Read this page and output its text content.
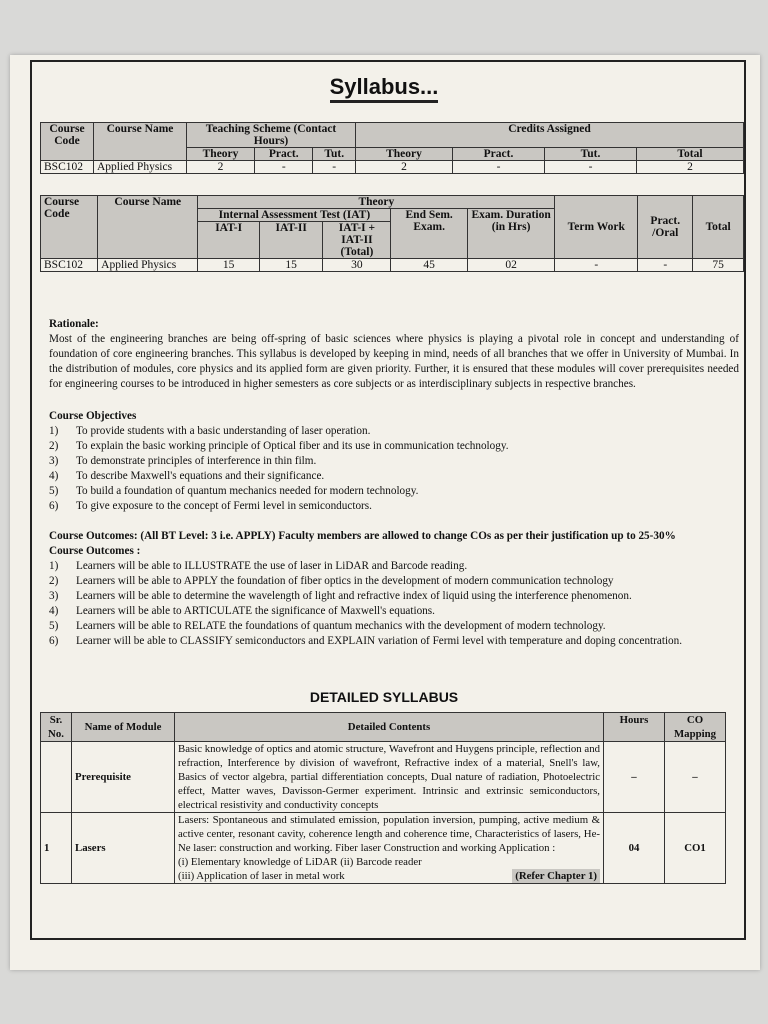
Syllabus...
Course Code	Course Name	Teaching Scheme (Contact Hours)			Credits Assigned			
		Theory	Pract.	Tut.	Theory	Pract.	Tut.	Total
BSC102	Applied Physics	2	-	-	2	-	-	2
Course Code	Course Name	Theory					Term Work	Pract. /Oral	Total
		Internal Assessment Test (IAT)			End Sem. Exam.	Exam. Duration (in Hrs)			
		IAT-I	IAT-II	IAT-I + IAT-II (Total)					
BSC102	Applied Physics	15	15	30	45	02	-	-	75
Rationale:
Most of the engineering branches are being off-spring of basic sciences where physics is playing a pivotal role in concept and understanding of foundation of core engineering branches. This syllabus is developed by keeping in mind, needs of all branches that we offer in University of Mumbai. In the distribution of modules, core physics and its applied form are given priority. Further, it is ensured that these modules will cover prerequisites needed for engineering courses to be introduced in higher semesters as core subjects or as interdisciplinary subjects in respective branches.
Course Objectives
1)	To provide students with a basic understanding of laser operation.
2)	To explain the basic working principle of Optical fiber and its use in communication technology.
3)	To demonstrate principles of interference in thin film.
4)	To describe Maxwell's equations and their significance.
5)	To build a foundation of quantum mechanics needed for modern technology.
6)	To give exposure to the concept of Fermi level in semiconductors.
Course Outcomes: (All BT Level: 3 i.e. APPLY) Faculty members are allowed to change COs as per their justification up to 25-30%
Course Outcomes :
1)	Learners will be able to ILLUSTRATE the use of laser in LiDAR and Barcode reading.
2)	Learners will be able to APPLY the foundation of fiber optics in the development of modern communication technology
3)	Learners will be able to determine the wavelength of light and refractive index of liquid using the interference phenomenon.
4)	Learners will be able to ARTICULATE the significance of Maxwell's equations.
5)	Learners will be able to RELATE the foundations of quantum mechanics with the development of modern technology.
6)	Learner will be able to CLASSIFY semiconductors and EXPLAIN variation of Fermi level with temperature and doping concentration.
DETAILED SYLLABUS
Sr. No.	Name of Module	Detailed Contents	Hours	CO Mapping
	Prerequisite	Basic knowledge of optics and atomic structure, Wavefront and Huygens principle, reflection and refraction, Interference by division of wavefront, Refractive index of a material, Snell's law, Basics of vector algebra, partial differentiation concepts, Dual nature of radiation, Photoelectric effect, Matter waves, Davisson-Germer experiment. Intrinsic and extrinsic semiconductors, electrical resistivity and conductivity concepts	–	–
1	Lasers	Lasers: Spontaneous and stimulated emission, population inversion, pumping, active medium & active center, resonant cavity, coherence length and coherence time, Characteristics of lasers, He-Ne laser: construction and working. Fiber laser Construction and working Application :
(i) Elementary knowledge of LiDAR (ii) Barcode reader
(iii) Application of laser in metal work (Refer Chapter 1)	04	CO1
